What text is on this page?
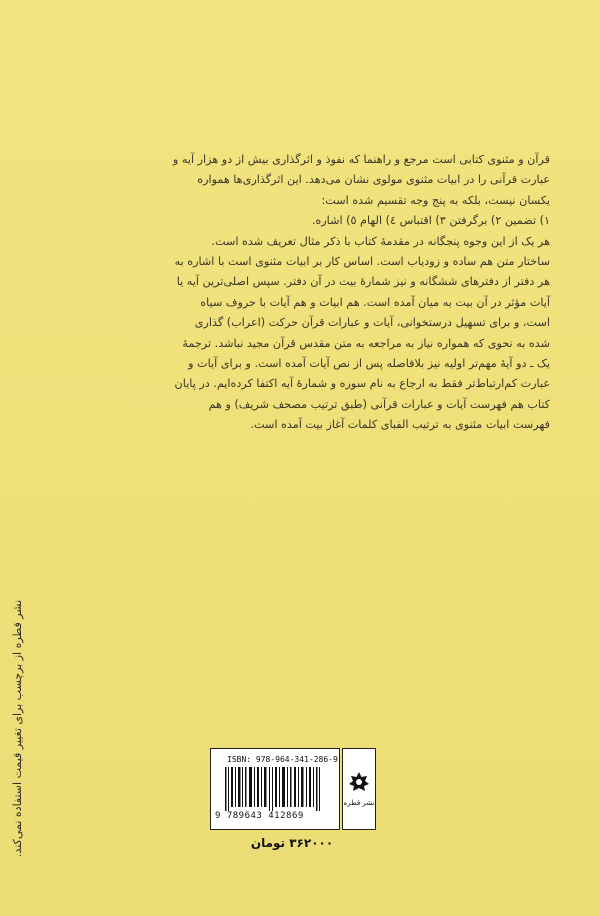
قرآن و مثنوی کتابی است مرجع و راهنما که نفوذ و اثرگذاری بیش از دو هزار آیه و

عبارت قرآنی را در ابیات مثنوی مولوی نشان می‌دهد. این اثرگذاری‌ها همواره

یکسان نیست، بلکه به پنج وجه تقسیم شده است:

۱) تضمین ۲) برگرفتن ۳) اقتباس ٤) الهام ٥) اشاره.

هر یک از این وجوه پنجگانه در مقدمهٔ کتاب با ذکر مثال تعریف شده است.

ساختار متن هم ساده و زودیاب است. اساس کار بر ابیات مثنوی است با اشاره به

هر دفتر از دفترهای ششگانه و نیز شمارهٔ بیت در آن دفتر. سپس اصلی‌ترین آیه یا

آیات مؤثر در آن بیت به میان آمده است. هم ابیات و هم آیات با حروف سیاه

است، و برای تسهیل درستخوانی، آیات و عبارات قرآن حرکت‌ (اعراب) گذاری

شده به نحوی که همواره نیاز به مراجعه به متن مقدس قرآن مجید نباشد. ترجمهٔ

یک ـ دو آیهٔ مهم‌تر اولیه نیز بلافاصله پس از نص آیات آمده است. و برای آیات و

عبارت کم‌ارتباط‌تر فقط به ارجاع به نام سوره و شمارهٔ آیه اکتفا کرده‌ایم. در پایان

کتاب هم فهرست آیات و عبارات قرآنی (طبق ترتیب مصحف شریف) و هم

فهرست ابیات مثنوی به ترتیب الفبای کلمات آغاز بیت آمده است.

نشر قطره از برچسب برای تغییر قیمت استفاده نمی‌کند.	ISBN: 978-964-341-286-9
9 789643 412869
نشر قطره
۳۶۲۰۰۰ تومان
